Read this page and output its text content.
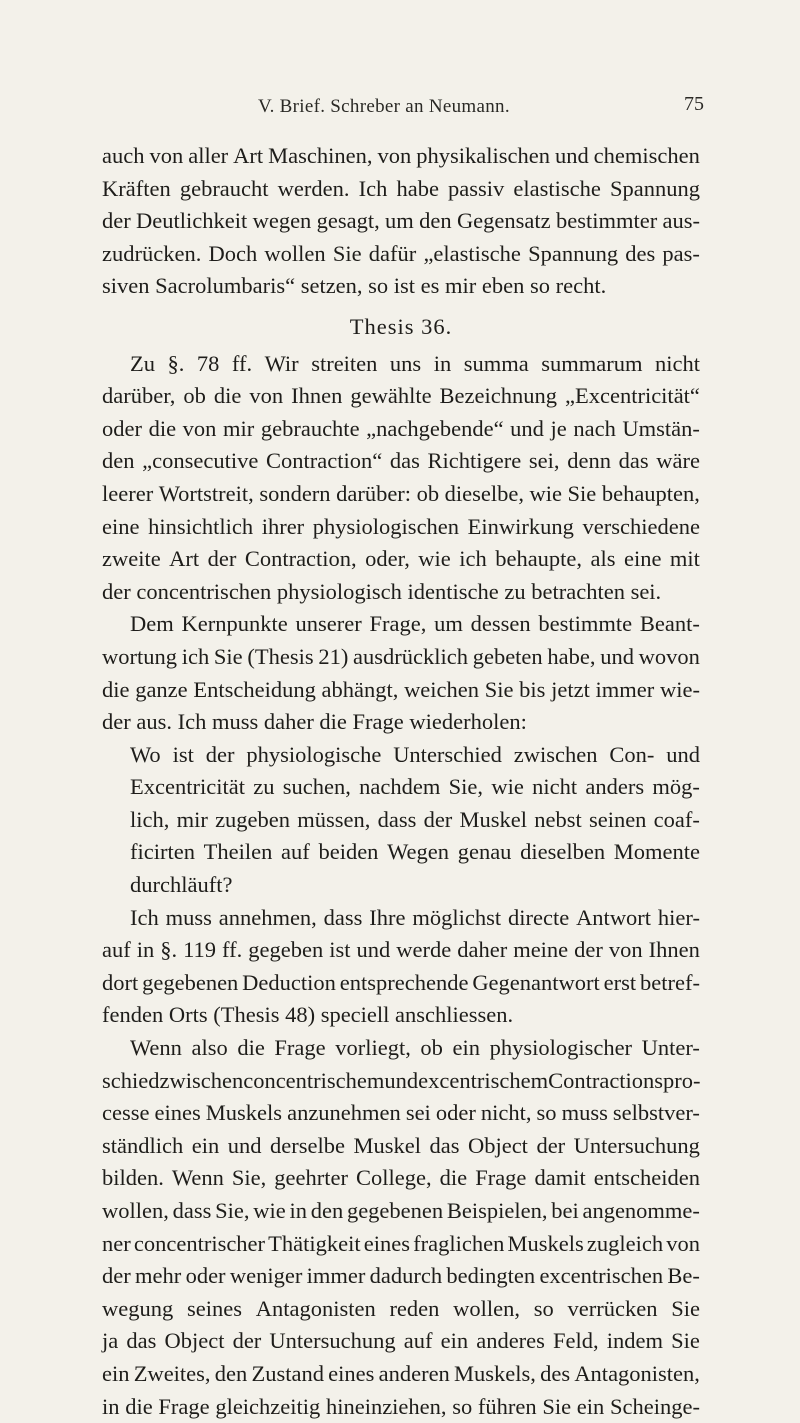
V. Brief. Schreber an Neumann.	75
auch von aller Art Maschinen, von physikalischen und chemischen
Kräften gebraucht werden. Ich habe passiv elastische Spannung
der Deutlichkeit wegen gesagt, um den Gegensatz bestimmter aus-
zudrücken. Doch wollen Sie dafür „elastische Spannung des pas-
siven Sacrolumbaris“ setzen, so ist es mir eben so recht.
Thesis 36.
Zu §. 78 ff. Wir streiten uns in summa summarum nicht
darüber, ob die von Ihnen gewählte Bezeichnung „Excentricität“
oder die von mir gebrauchte „nachgebende“ und je nach Umstän-
den „consecutive Contraction“ das Richtigere sei, denn das wäre
leerer Wortstreit, sondern darüber: ob dieselbe, wie Sie behaupten,
eine hinsichtlich ihrer physiologischen Einwirkung verschiedene
zweite Art der Contraction, oder, wie ich behaupte, als eine mit
der concentrischen physiologisch identische zu betrachten sei.
Dem Kernpunkte unserer Frage, um dessen bestimmte Beant-
wortung ich Sie (Thesis 21) ausdrücklich gebeten habe, und wovon
die ganze Entscheidung abhängt, weichen Sie bis jetzt immer wie-
der aus. Ich muss daher die Frage wiederholen:
Wo ist der physiologische Unterschied zwischen Con- und
Excentricität zu suchen, nachdem Sie, wie nicht anders mög-
lich, mir zugeben müssen, dass der Muskel nebst seinen coaf-
ficirten Theilen auf beiden Wegen genau dieselben Momente
durchläuft?
Ich muss annehmen, dass Ihre möglichst directe Antwort hier-
auf in §. 119 ff. gegeben ist und werde daher meine der von Ihnen
dort gegebenen Deduction entsprechende Gegenantwort erst betref-
fenden Orts (Thesis 48) speciell anschliessen.
Wenn also die Frage vorliegt, ob ein physiologischer Unter-
schied zwischen concentrischem und excentrischem Contractionspro-
cesse eines Muskels anzunehmen sei oder nicht, so muss selbstver-
ständlich ein und derselbe Muskel das Object der Untersuchung
bilden. Wenn Sie, geehrter College, die Frage damit entscheiden
wollen, dass Sie, wie in den gegebenen Beispielen, bei angenomme-
ner concentrischer Thätigkeit eines fraglichen Muskels zugleich von
der mehr oder weniger immer dadurch bedingten excentrischen Be-
wegung seines Antagonisten reden wollen, so verrücken Sie
ja das Object der Untersuchung auf ein anderes Feld, indem Sie
ein Zweites, den Zustand eines anderen Muskels, des Antagonisten,
in die Frage gleichzeitig hineinziehen, so führen Sie ein Scheinge-
